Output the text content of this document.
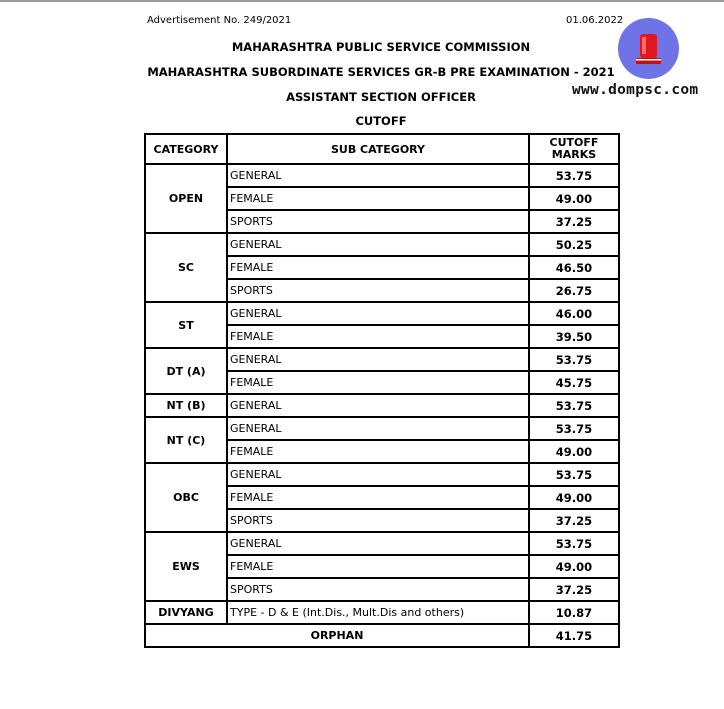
Advertisement No. 249/2021	01.06.2022
MAHARASHTRA PUBLIC SERVICE COMMISSION
MAHARASHTRA SUBORDINATE SERVICES GR-B PRE EXAMINATION - 2021
ASSISTANT SECTION OFFICER
CUTOFF
www.dompsc.com
CATEGORY	SUB CATEGORY	CUTOFF MARKS
OPEN	GENERAL	53.75
	FEMALE	49.00
	SPORTS	37.25
SC	GENERAL	50.25
	FEMALE	46.50
	SPORTS	26.75
ST	GENERAL	46.00
	FEMALE	39.50
DT (A)	GENERAL	53.75
	FEMALE	45.75
NT (B)	GENERAL	53.75
NT (C)	GENERAL	53.75
	FEMALE	49.00
OBC	GENERAL	53.75
	FEMALE	49.00
	SPORTS	37.25
EWS	GENERAL	53.75
	FEMALE	49.00
	SPORTS	37.25
DIVYANG	TYPE - D & E (Int.Dis., Mult.Dis and others)	10.87
ORPHAN		41.75
